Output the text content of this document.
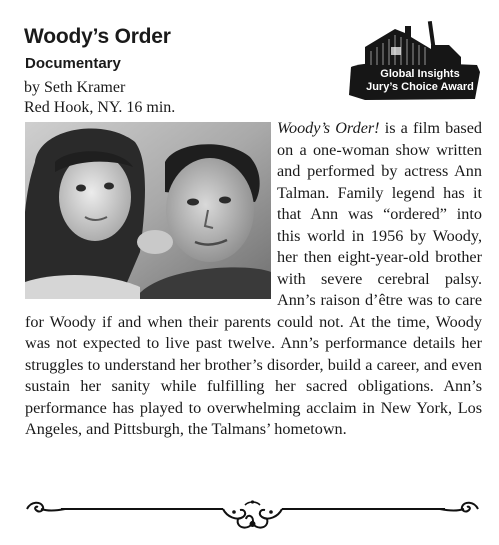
Woody’s Order
Documentary
by Seth Kramer
Red Hook, NY. 16 min.
Global Insights
Jury’s Choice Award

Woody’s Order! is a film based on a one-woman show written and performed by actress Ann Talman. Family legend has it that Ann was “ordered” into this world in 1956 by Woody, her then eight-year-old brother with severe cerebral palsy. Ann’s raison d’être was to care for Woody if and when their parents could not. At the time, Woody was not expected to live past twelve. Ann’s performance details her struggles to understand her brother’s disorder, build a career, and even sustain her sanity while fulfilling her sacred obligations. Ann’s performance has played to overwhelming acclaim in New York, Los Angeles, and Pittsburgh, the Talmans’ hometown.
